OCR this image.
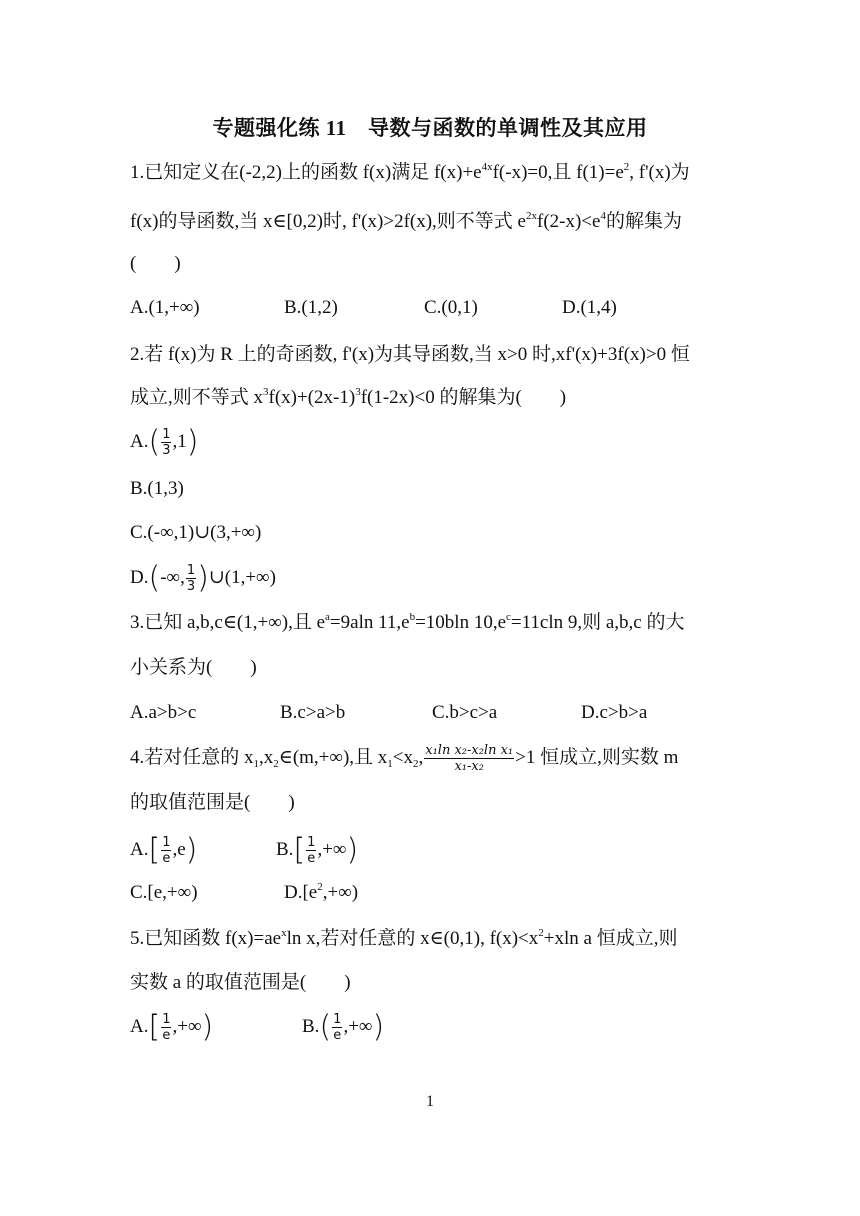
专题强化练 11　 导数与函数的单调性及其应用
1.已知定义在(-2,2)上的函数 f(x)满足 $f(x)+e^{4x}f(-x)=0$,且 $f(1)=e^2$, f'(x)为
f(x)的导函数,当 x∈[0,2)时, f'(x)>2f(x),则不等式 $e^{2x}f(2-x)<e^4$的解集为
(　　)
A.(1,+∞)	B.(1,2)	C.(0,1)	D.(1,4)
2.若 f(x)为 R 上的奇函数, f'(x)为其导函数,当 x>0 时,xf'(x)+3f(x)>0 恒
成立,则不等式 $x^3f(x)+(2x-1)^3f(1-2x)<0$ 的解集为(　　)
$A.( \frac{1}{3} ,1)$
B.(1,3)
C.(-∞,1)∪(3,+∞)
D.(-∞, $\frac{1}{3}$ )∪(1,+∞)
3.已知 a,b,c∈(1,+∞),且 $e^a=9aln$ $11,e^b=10bln$ $10,e^c=11cln$ 9,则 a,b,c 的大
小关系为(　　)
A.a>b>c	B.c>a>b	C.b>c>a	D.c>b>a
4.若对任意的 $x_1,x_2\in(m,+\infty)$,且 $x_1<x_2$, $\frac{\text{x₁ln x₂-x₂ln x₁}}{\text{x₁-x₂}} >1$ 恒成立,则实数 m
的取值范围是(　　)
$A.[ \frac{1}{e} ,e)$	$B.[ \frac{1}{e}$ ,+∞)
C.[e,+∞)	$D.[e^2,+\infty)$
5.已知函数 $f(x)=ae^x\ln$ x,若对任意的 x∈(0,1), $f(x)<x^2+xln$ a 恒成立,则
实数 a 的取值范围是(　　)
$A.[ \frac{1}{e}$ ,+∞)	$B.( \frac{1}{e}$ ,+∞)
1
